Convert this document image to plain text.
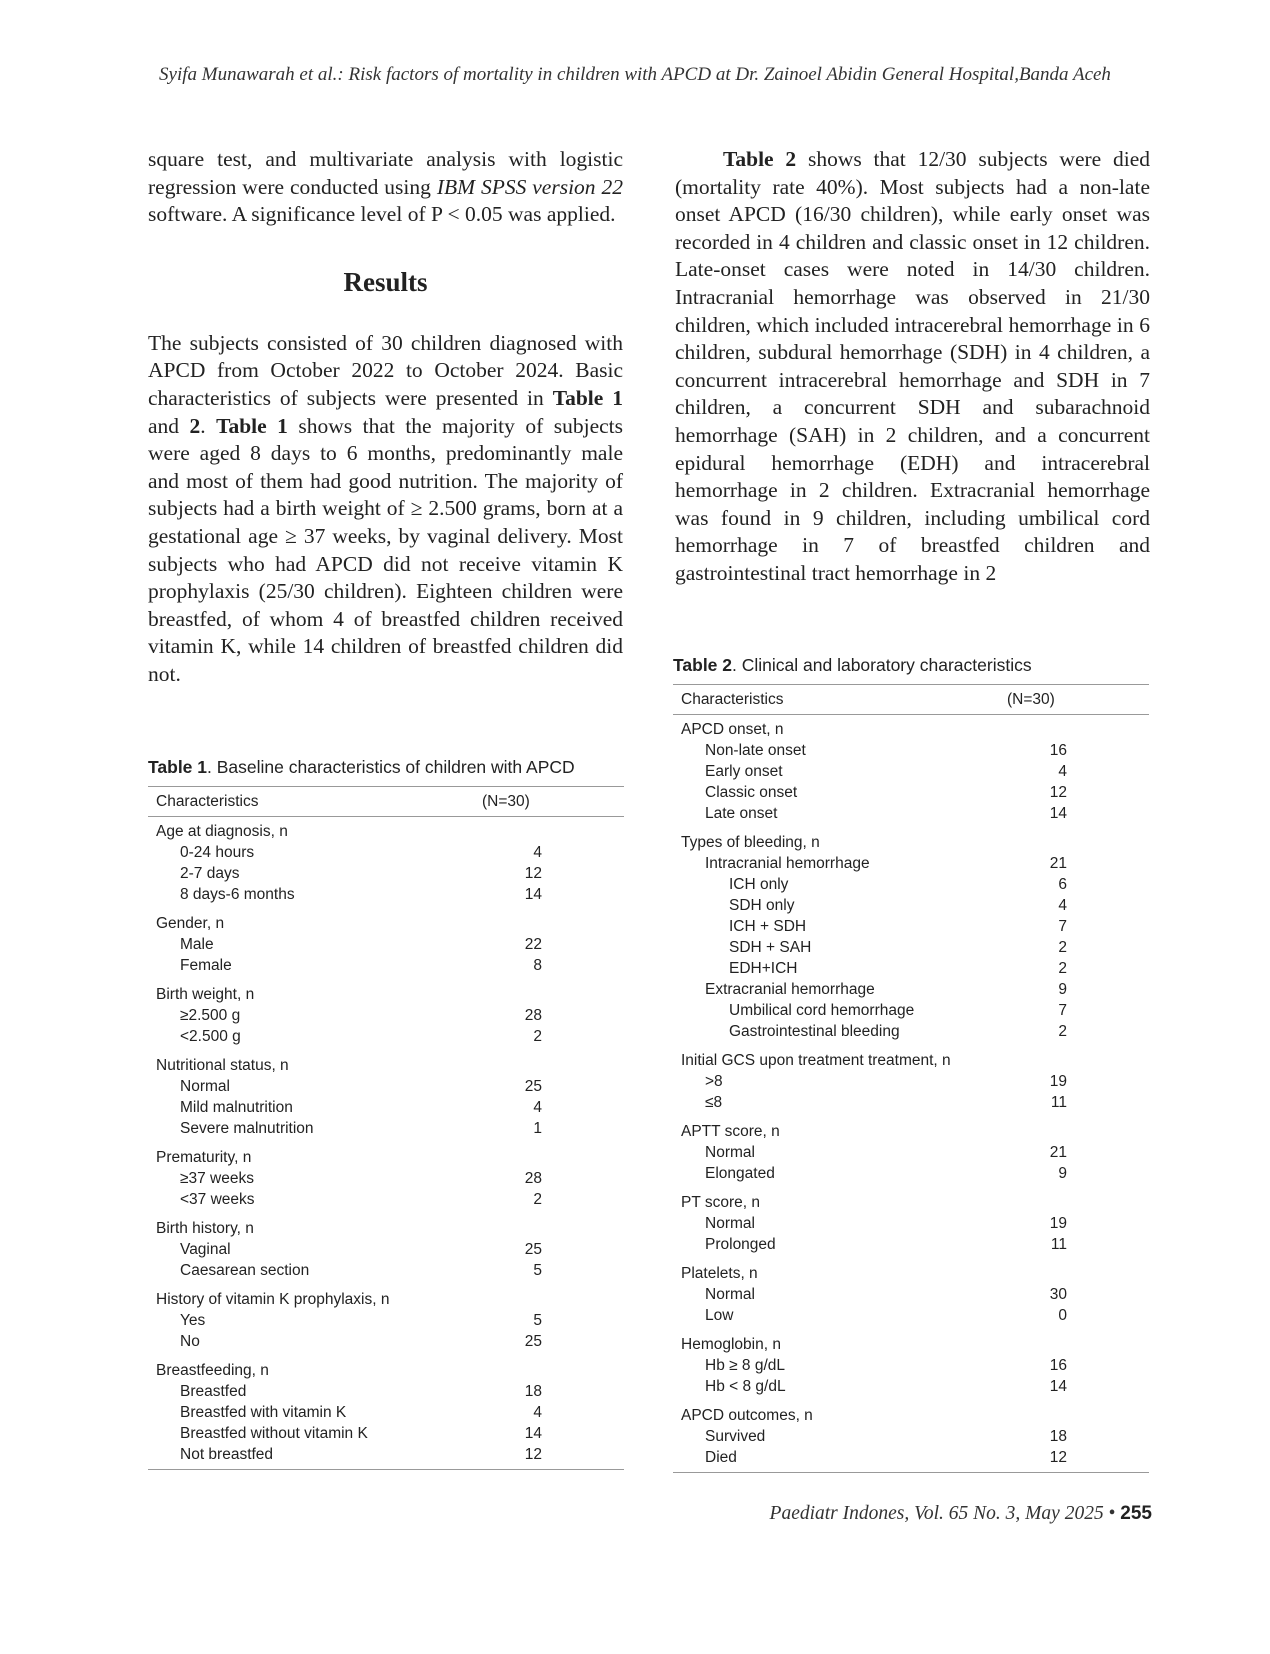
Syifa Munawarah et al.: Risk factors of mortality in children with APCD at Dr. Zainoel Abidin General Hospital,Banda Aceh

square test, and multivariate analysis with logistic regression were conducted using IBM SPSS version 22 software. A significance level of P < 0.05 was applied.

Results

The subjects consisted of 30 children diagnosed with APCD from October 2022 to October 2024. Basic characteristics of subjects were presented in Table 1 and 2. Table 1 shows that the majority of subjects were aged 8 days to 6 months, predominantly male and most of them had good nutrition. The majority of subjects had a birth weight of ≥ 2.500 grams, born at a gestational age ≥ 37 weeks, by vaginal delivery. Most subjects who had APCD did not receive vitamin K prophylaxis (25/30 children). Eighteen children were breastfed, of whom 4 of breastfed children received vitamin K, while 14 children of breastfed children did not.

Table 2 shows that 12/30 subjects were died (mortality rate 40%). Most subjects had a non-late onset APCD (16/30 children), while early onset was recorded in 4 children and classic onset in 12 children. Late-onset cases were noted in 14/30 children. Intracranial hemorrhage was observed in 21/30 children, which included intracerebral hemorrhage in 6 children, subdural hemorrhage (SDH) in 4 children, a concurrent intracerebral hemorrhage and SDH in 7 children, a concurrent SDH and subarachnoid hemorrhage (SAH) in 2 children, and a concurrent epidural hemorrhage (EDH) and intracerebral hemorrhage in 2 children. Extracranial hemorrhage was found in 9 children, including umbilical cord hemorrhage in 7 of breastfed children and gastrointestinal tract hemorrhage in 2

Table 1. Baseline characteristics of children with APCD
Characteristics	(N=30)
Age at diagnosis, n	
0-24 hours	4
2-7 days	12
8 days-6 months	14
Gender, n	
Male	22
Female	8
Birth weight, n	
≥2.500 g	28
<2.500 g	2
Nutritional status, n	
Normal	25
Mild malnutrition	4
Severe malnutrition	1
Prematurity, n	
≥37 weeks	28
<37 weeks	2
Birth history, n	
Vaginal	25
Caesarean section	5
History of vitamin K prophylaxis, n	
Yes	5
No	25
Breastfeeding, n	
Breastfed	18
Breastfed with vitamin K	4
Breastfed without vitamin K	14
Not breastfed	12
Table 2. Clinical and laboratory characteristics
Characteristics	(N=30)
APCD onset, n	
Non-late onset	16
Early onset	4
Classic onset	12
Late onset	14
Types of bleeding, n	
Intracranial hemorrhage	21
ICH only	6
SDH only	4
ICH + SDH	7
SDH + SAH	2
EDH+ICH	2
Extracranial hemorrhage	9
Umbilical cord hemorrhage	7
Gastrointestinal bleeding	2
Initial GCS upon treatment treatment, n	
>8	19
≤8	11
APTT score, n	
Normal	21
Elongated	9
PT score, n	
Normal	19
Prolonged	11
Platelets, n	
Normal	30
Low	0
Hemoglobin, n	
Hb ≥ 8 g/dL	16
Hb < 8 g/dL	14
APCD outcomes, n	
Survived	18
Died	12
Paediatr Indones, Vol. 65 No. 3, May 2025 • 255
